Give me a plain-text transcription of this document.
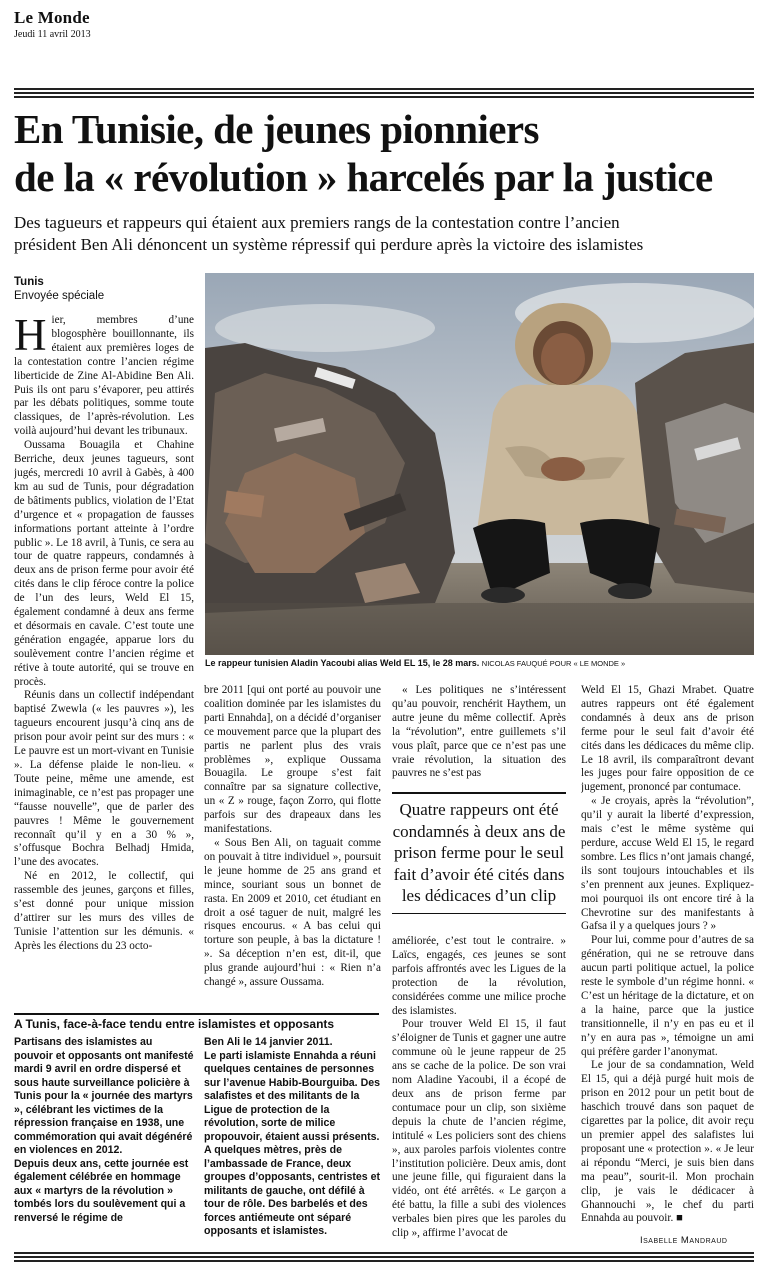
Le Monde
Jeudi 11 avril 2013
En Tunisie, de jeunes pionniers
de la « révolution » harcelés par la justice
Des tagueurs et rappeurs qui étaient aux premiers rangs de la contestation contre l’ancien
président Ben Ali dénoncent un système répressif qui perdure après la victoire des islamistes
Tunis
Envoyée spéciale

Hier, membres d’une blogosphère bouillonnante, ils étaient aux premières loges de la contestation contre l’ancien régime liberticide de Zine Al-Abidine Ben Ali. Puis ils ont paru s’évaporer, peu attirés par les débats politiques, somme toute classiques, de l’après-révolution. Les voilà aujourd’hui devant les tribunaux.

Oussama Bouagila et Chahine Berriche, deux jeunes tagueurs, sont jugés, mercredi 10 avril à Gabès, à 400 km au sud de Tunis, pour dégradation de bâtiments publics, violation de l’Etat d’urgence et « propagation de fausses informations portant atteinte à l’ordre public ». Le 18 avril, à Tunis, ce sera au tour de quatre rappeurs, condamnés à deux ans de prison ferme pour avoir été cités dans le clip féroce contre la police de l’un des leurs, Weld El 15, également condamné à deux ans ferme et désormais en cavale. C’est toute une génération engagée, apparue lors du soulèvement contre l’ancien régime et rétive à toute autorité, qui se trouve en procès.

Réunis dans un collectif indépendant baptisé Zwewla (« les pauvres »), les tagueurs encourent jusqu’à cinq ans de prison pour avoir peint sur des murs : « Le pauvre est un mort-vivant en Tunisie ». La défense plaide le non-lieu. « Toute peine, même une amende, est inimaginable, ce n’est pas propager une “fausse nouvelle”, que de parler des pauvres ! Même le gouvernement reconnaît qu’il y en a 30 % », s’offusque Bochra Belhadj Hmida, l’une des avocates.

Né en 2012, le collectif, qui rassemble des jeunes, garçons et filles, s’est donné pour unique mission d’attirer sur les murs des villes de Tunisie l’attention sur les démunis. « Après les élections du 23 octo-

Le rappeur tunisien Aladin Yacoubi alias Weld EL 15, le 28 mars. NICOLAS FAUQUÉ POUR « LE MONDE »

bre 2011 [qui ont porté au pouvoir une coalition dominée par les islamistes du parti Ennahda], on a décidé d’organiser ce mouvement parce que la plupart des partis ne parlent plus des vrais problèmes », explique Oussama Bouagila. Le groupe s’est fait connaître par sa signature collective, un « Z » rouge, façon Zorro, qui flotte parfois sur des drapeaux dans les manifestations.

« Sous Ben Ali, on taguait comme on pouvait à titre individuel », poursuit le jeune homme de 25 ans grand et mince, souriant sous un bonnet de rasta. En 2009 et 2010, cet étudiant en droit a osé taguer de nuit, malgré les risques encourus. « A bas celui qui torture son peuple, à bas la dictature ! ». Sa déception n’en est, dit-il, que plus grande aujourd’hui : « Rien n’a changé », assure Oussama.

« Les politiques ne s’intéressent qu’au pouvoir, renchérit Haythem, un autre jeune du même collectif. Après la “révolution”, entre guillemets s’il vous plaît, parce que ce n’est pas une vraie révolution, la situation des pauvres ne s’est pas

Quatre rappeurs ont été condamnés à deux ans de prison ferme pour le seul fait d’avoir été cités dans les dédicaces d’un clip

améliorée, c’est tout le contraire. » Laïcs, engagés, ces jeunes se sont parfois affrontés avec les Ligues de la protection de la révolution, considérées comme une milice proche des islamistes.

Pour trouver Weld El 15, il faut s’éloigner de Tunis et gagner une autre commune où le jeune rappeur de 25 ans se cache de la police. De son vrai nom Aladine Yacoubi, il a écopé de deux ans de prison ferme par contumace pour un clip, son sixième depuis la chute de l’ancien régime, intitulé « Les policiers sont des chiens », aux paroles parfois violentes contre l’institution policière. Deux amis, dont une jeune fille, qui figuraient dans la vidéo, ont été arrêtés. « Le garçon a été battu, la fille a subi des violences verbales bien pires que les paroles du clip », affirme l’avocat de

Weld El 15, Ghazi Mrabet. Quatre autres rappeurs ont été également condamnés à deux ans de prison ferme pour le seul fait d’avoir été cités dans les dédicaces du même clip. Le 18 avril, ils comparaîtront devant les juges pour faire opposition de ce jugement, prononcé par contumace.

« Je croyais, après la “révolution”, qu’il y aurait la liberté d’expression, mais c’est le même système qui perdure, accuse Weld El 15, le regard sombre. Les flics n’ont jamais changé, ils sont toujours intouchables et ils s’en prennent aux jeunes. Expliquez-moi pourquoi ils ont encore tiré à la Chevrotine sur des manifestants à Gafsa il y a quelques jours ? »

Pour lui, comme pour d’autres de sa génération, qui ne se retrouve dans aucun parti politique actuel, la police reste le symbole d’un régime honni. « C’est un héritage de la dictature, et on a la haine, parce que la justice transitionnelle, il n’y en pas eu et il n’y en aura pas », témoigne un ami qui préfère garder l’anonymat.

Le jour de sa condamnation, Weld El 15, qui a déjà purgé huit mois de prison en 2012 pour un petit bout de haschich trouvé dans son paquet de cigarettes par la police, dit avoir reçu un premier appel des salafistes lui proposant une « protection ». « Je leur ai répondu “Merci, je suis bien dans ma peau”, sourit-il. Mon prochain clip, je vais le dédicacer à Ghannouchi », le chef du parti Ennahda au pouvoir. ■

Isabelle Mandraud
A Tunis, face-à-face tendu entre islamistes et opposants

Partisans des islamistes au pouvoir et opposants ont manifesté mardi 9 avril en ordre dispersé et sous haute surveillance policière à Tunis pour la « journée des martyrs », célébrant les victimes de la répression française en 1938, une commémoration qui avait dégénéré en violences en 2012.

Depuis deux ans, cette journée est également célébrée en hommage aux « martyrs de la révolution » tombés lors du soulèvement qui a renversé le régime de

Ben Ali le 14 janvier 2011.

Le parti islamiste Ennahda a réuni quelques centaines de personnes sur l’avenue Habib-Bourguiba. Des salafistes et des militants de la Ligue de protection de la révolution, sorte de milice propouvoir, étaient aussi présents. A quelques mètres, près de l’ambassade de France, deux groupes d’opposants, centristes et militants de gauche, ont défilé à tour de rôle. Des barbelés et des forces antiémeute ont séparé opposants et islamistes.
